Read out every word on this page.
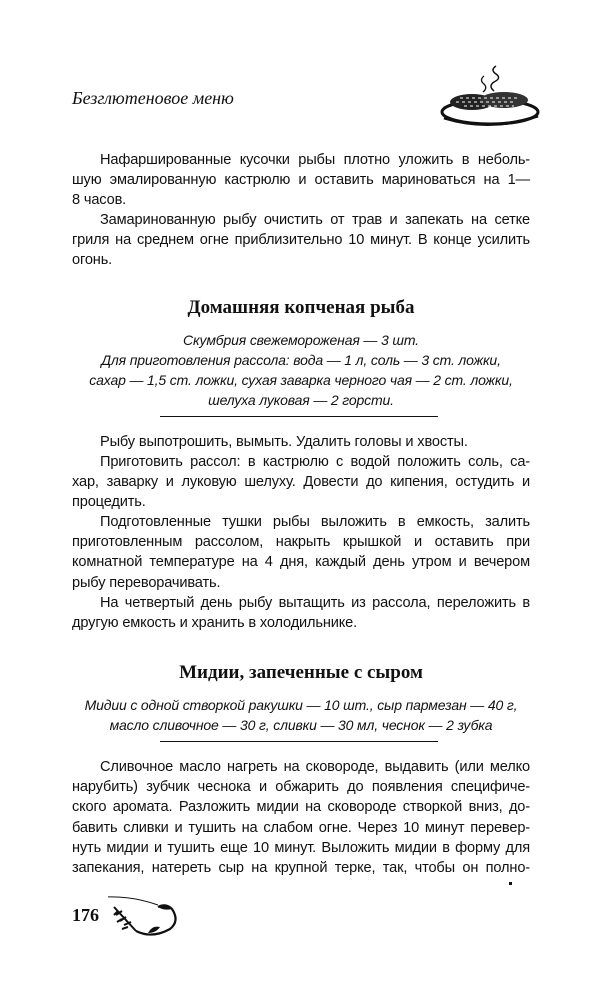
Безглютеновое меню
Нафаршированные кусочки рыбы плотно уложить в неболь-
шую эмалированную кастрюлю и оставить мариноваться на 1—
8 часов.
Замаринованную рыбу очистить от трав и запекать на сетке
гриля на среднем огне приблизительно 10 минут. В конце усилить
огонь.
Домашняя копченая рыба
Скумбрия свежемороженая — 3 шт.
Для приготовления рассола: вода — 1 л, соль — 3 ст. ложки,
сахар — 1,5 ст. ложки, сухая заварка черного чая — 2 ст. ложки,
шелуха луковая — 2 горсти.
Рыбу выпотрошить, вымыть. Удалить головы и хвосты.
Приготовить рассол: в кастрюлю с водой положить соль, са-
хар, заварку и луковую шелуху. Довести до кипения, остудить и
процедить.
Подготовленные тушки рыбы выложить в емкость, залить
приготовленным рассолом, накрыть крышкой и оставить при
комнатной температуре на 4 дня, каждый день утром и вечером
рыбу переворачивать.
На четвертый день рыбу вытащить из рассола, переложить в
другую емкость и хранить в холодильнике.
Мидии, запеченные с сыром
Мидии с одной створкой ракушки — 10 шт., сыр пармезан — 40 г,
масло сливочное — 30 г, сливки — 30 мл, чеснок — 2 зубка
Сливочное масло нагреть на сковороде, выдавить (или мелко
нарубить) зубчик чеснока и обжарить до появления специфиче-
ского аромата. Разложить мидии на сковороде створкой вниз, до-
бавить сливки и тушить на слабом огне. Через 10 минут перевер-
нуть мидии и тушить еще 10 минут. Выложить мидии в форму для
запекания, натереть сыр на крупной терке, так, чтобы он полно-
176
